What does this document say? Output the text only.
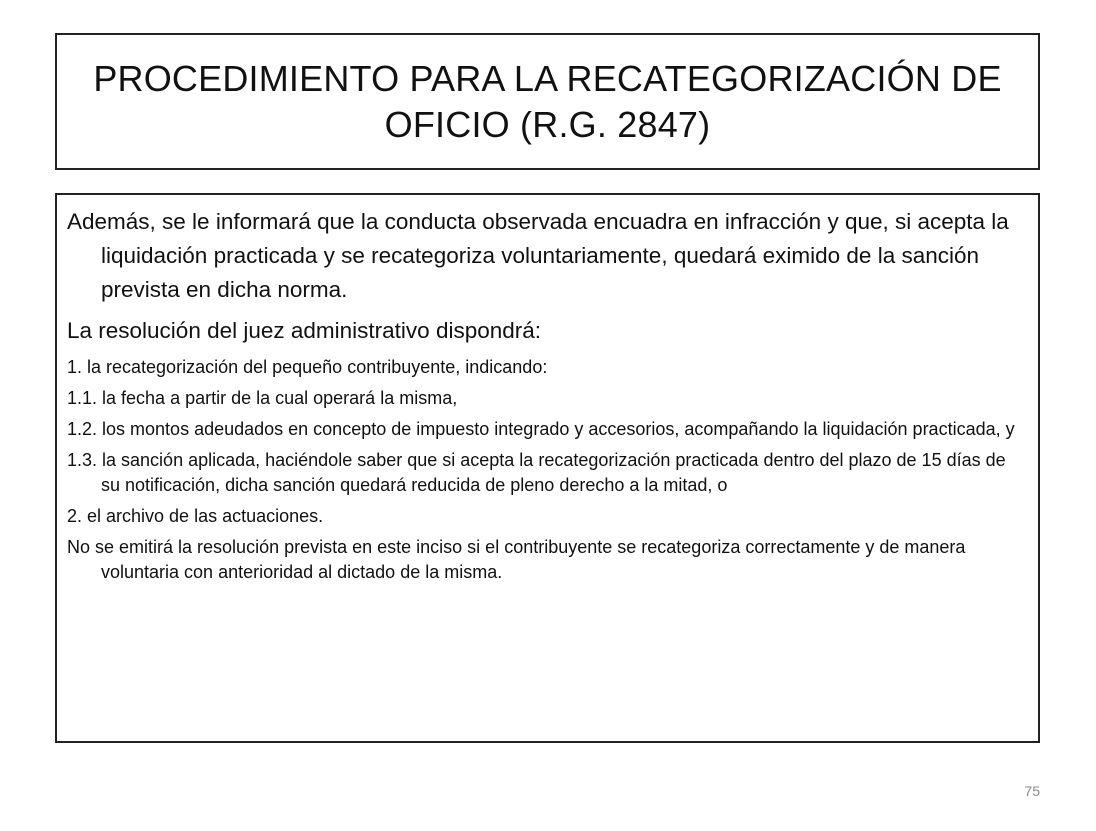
PROCEDIMIENTO PARA LA RECATEGORIZACIÓN DE OFICIO (R.G. 2847)

Además, se le informará que la conducta observada encuadra en infracción y que, si acepta la liquidación practicada y se recategoriza voluntariamente, quedará eximido de la sanción prevista en dicha norma.

La resolución del juez administrativo dispondrá:

1. la recategorización del pequeño contribuyente, indicando:

1.1. la fecha a partir de la cual operará la misma,

1.2. los montos adeudados en concepto de impuesto integrado y accesorios, acompañando la liquidación practicada, y

1.3. la sanción aplicada, haciéndole saber que si acepta la recategorización practicada dentro del plazo de 15 días de su notificación, dicha sanción quedará reducida de pleno derecho a la mitad, o

2. el archivo de las actuaciones.

No se emitirá la resolución prevista en este inciso si el contribuyente se recategoriza correctamente y de manera voluntaria con anterioridad al dictado de la misma.

75
